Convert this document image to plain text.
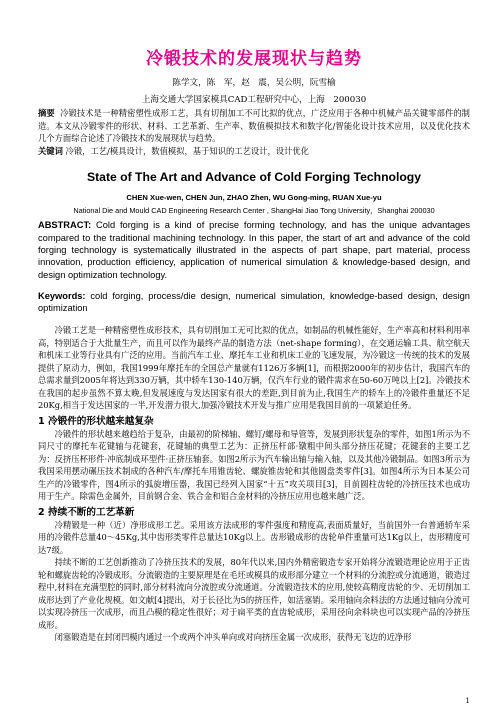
冷锻技术的发展现状与趋势
陈学文，陈　军，赵　震，吴公明，阮雪榆
上海交通大学国家模具CAD工程研究中心，上海　200030

摘要 冷锻技术是一种精密塑性成形工艺，具有切削加工不可比拟的优点，广泛应用于各种中机械产品关键零部件的制造。本文从冷锻零件的形状、材料、工艺革新、生产率、数值模拟技术和数字化/智能化设计技术应用，以及优化技术几个方面综合论述了冷锻技术的发展现状与趋势。

关键词 冷锻，工艺/模具设计，数值模拟，基于知识的工艺设计，设计优化

State of The Art and Advance of Cold Forging Technology
CHEN Xue-wen, CHEN Jun, ZHAO Zhen, WU Gong-ming, RUAN Xue-yu
National Die and Mould CAD Engineering Research Center , ShangHai Jiao Tong University，Shanghai 200030

ABSTRACT: Cold forging is a kind of precise forming technology, and has the unique advantages compared to the traditional machining technology. In this paper, the start of art and advance of the cold forging technology is systematically illustrated in the aspects of part shape, part material, process innovation, production efficiency, application of numerical simulation & knowledge-based design, and design optimization technology.

Keywords: cold forging, process/die design, numerical simulation, knowledge-based design, design optimization

冷锻工艺是一种精密塑性成形技术，具有切削加工无可比拟的优点，如制品的机械性能好，生产率高和材料利用率高，特别适合于大批量生产，而且可以作为最终产品的制造方法（net-shape forming），在交通运输工具、航空航天和机床工业等行业具有广泛的应用。当前汽车工业、摩托车工业和机床工业的飞速发展，为冷锻这一传统的技术的发展提供了原动力，例如，我国1999年摩托车的全国总产量就有1126万多辆[1]，而根据2000年的初步估计，我国汽车的总需求量到2005年将达到330万辆，其中轿车130-140万辆，仅汽车行业的锻件需求在50-60万吨以上[2]。冷锻技术在我国的起步虽然不算太晚,但发展速度与发达国家有很大的差距,到目前为止,我国生产的轿车上的冷锻件重量还不足20Kg,相当于发达国家的一半,开发潜力很大,加强冷锻技术开发与推广应用是我国目前的一项紧迫任务。

1 冷锻件的形状越来越复杂

冷锻件的形状越来越趋给于复杂，由最初的阶梯轴、螺钉/螺母和导管等，发展到形状复杂的零件，如图1所示为不同尺寸的摩托车花键轴与花键套，花键轴的典型工艺为：正挤压杆部·镦粗中间头部分挤压花键；花键套的主要工艺为：反挤压杯形件·冲底制成环型件·正挤压轴套。如图2所示为汽车输出轴与输入轴，以及其他冷锻制品。如图3所示为我国采用摆动碾压技术制成的各种汽车/摩托车用锥齿轮、螺旋锥齿轮和其他圆盘类零件[3]。如图4所示为日本某公司生产的冷锻零件，图4所示的弧旋增压器，我国已经列入国家“十五”攻关项目[3]，目前圆柱齿轮的冷挤压技术也成功用于生产。除需色金属外，目前钢合金、铁合金和铝合金材料的冷挤压应用也越来越广泛。

2 持续不断的工艺革新

冷精锻是一种（近）净形成形工艺。采用该方法成形的零件强度和精度高,表面质量好，当前国外一台普通轿车采用的冷锻件总量40～45Kg,其中齿形类零件总量达10Kg以上。齿形锻成形的齿轮单件重量可达1Kg以上，齿形精度可达7级。

持续不断的工艺创新推动了冷挤压技术的发展，80年代以来,国内外精密锻造专家开始将分流锻造理论应用于正齿轮和螺旋齿轮的冷锻成形。分流锻造的主要原理是在毛坯或模具的成形部分建立一个材料的分流腔或分流通道，锻造过程中,材料在充满型腔的同时,部分材料流向分流腔或分流通道。分流锻造技术的应用,使较高精度齿轮的少、无切削加工成形达到了产业化规模。如文献[4]提出，对于长径比为5的挤压件，如活塞销。采用轴向余料法的方法通过轴向分流可以实现冷挤压一次成形，而且凸模的稳定性很好；对于扁平类的直齿轮成形，采用径向余料块也可以实现产品的冷挤压成形。

闭塞锻造是在封闭凹模内通过一个或两个冲头单向或对向挤压金属一次成形，获得无飞边的近净形

1
